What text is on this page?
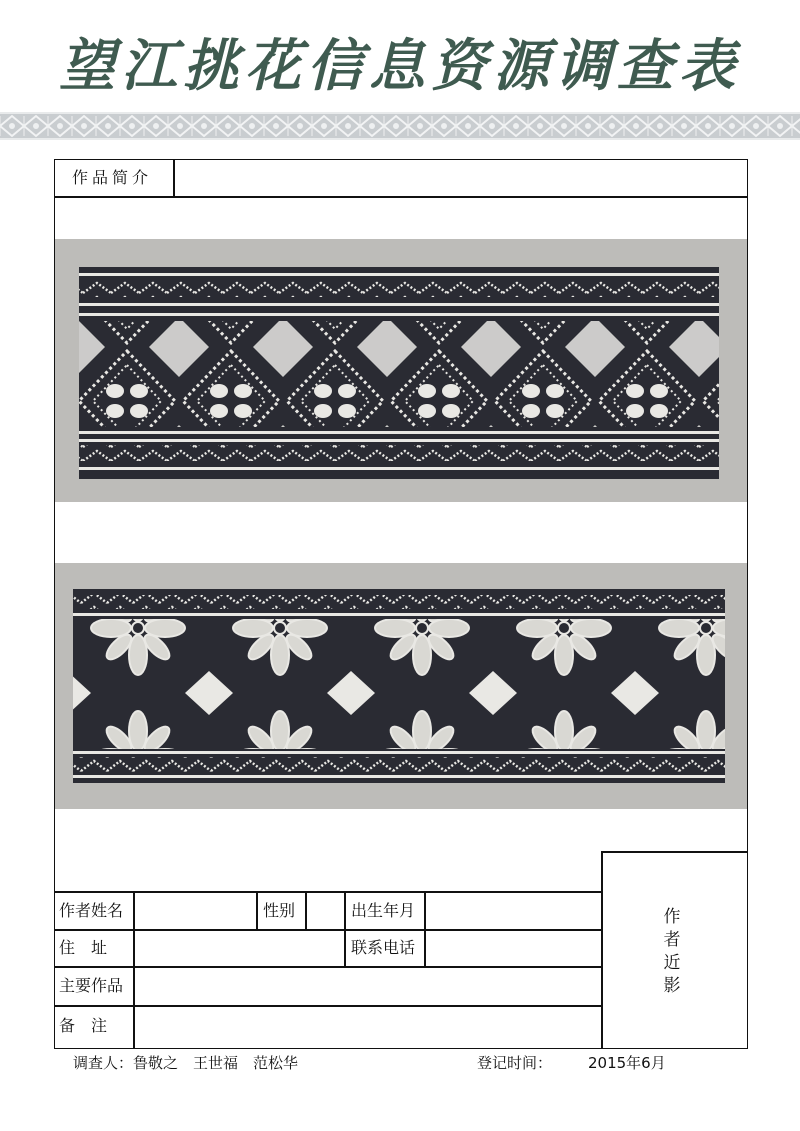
望江挑花信息资源调查表
作品简介
作
者
近
影
作者姓名	性别	出生年月
住　址	联系电话
主要作品
备　注
调查人：鲁敬之　王世福　范松华	登记时间： 2015年6月
